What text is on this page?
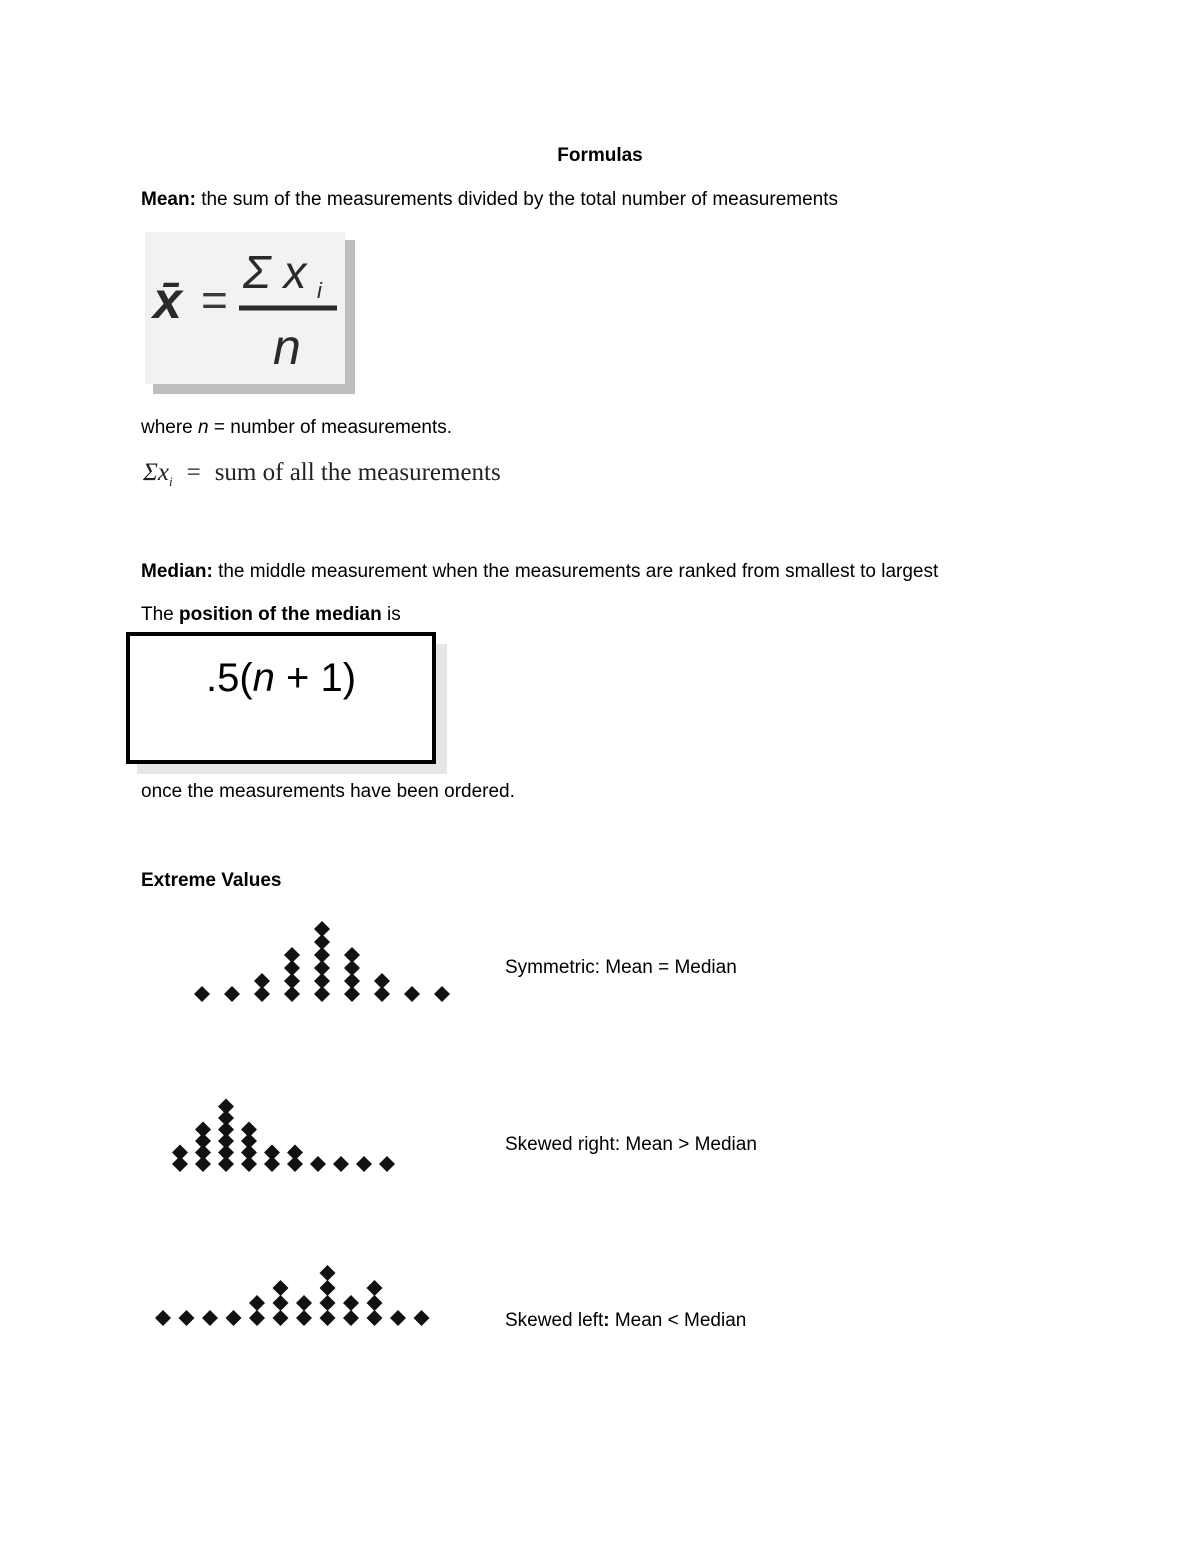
Formulas
Mean: the sum of the measurements divided by the total number of measurements
x̄ =
Σ x i
n
where n = number of measurements.
$\Sigma x_i$ = sum of all the measurements
Median: the middle measurement when the measurements are ranked from smallest to largest
The position of the median is
.5(n + 1)
once the measurements have been ordered.
Extreme Values
Symmetric: Mean = Median
Skewed right: Mean > Median
Skewed left: Mean < Median
